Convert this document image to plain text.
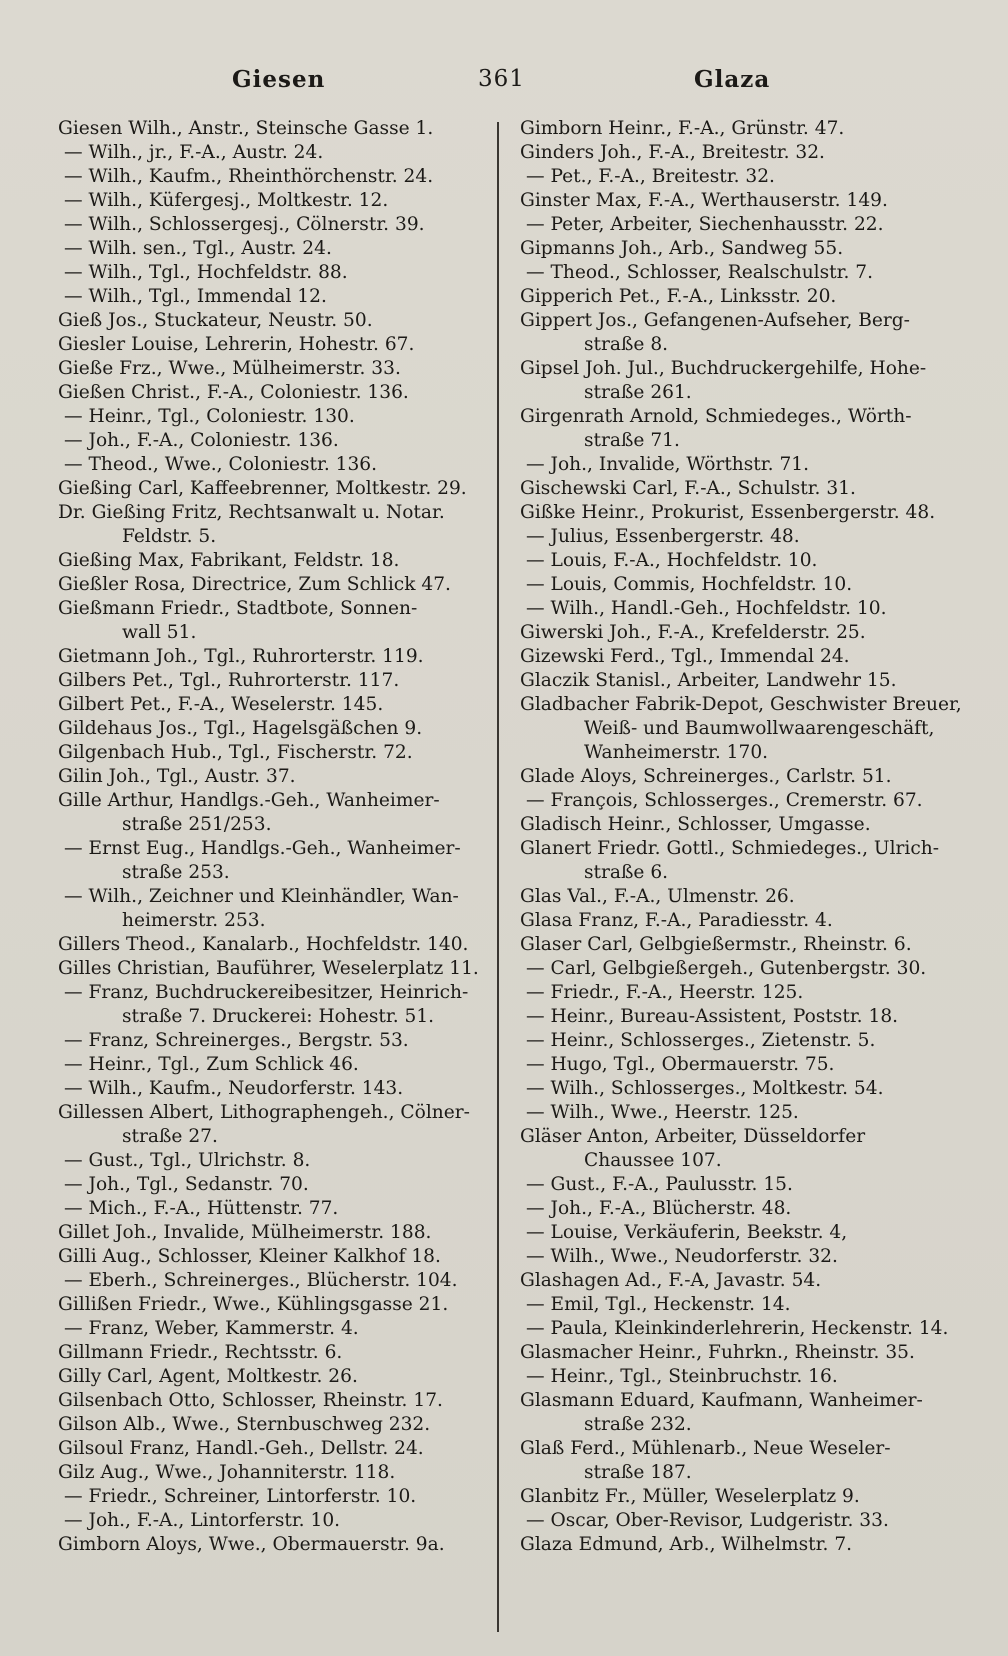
Giesen	361	Glaza
Giesen Wilh., Anstr., Steinsche Gasse 1.
— Wilh., jr., F.-A., Austr. 24.
— Wilh., Kaufm., Rheinthörchenstr. 24.
— Wilh., Küfergesj., Moltkestr. 12.
— Wilh., Schlossergesj., Cölnerstr. 39.
— Wilh. sen., Tgl., Austr. 24.
— Wilh., Tgl., Hochfeldstr. 88.
— Wilh., Tgl., Immendal 12.
Gieß Jos., Stuckateur, Neustr. 50.
Giesler Louise, Lehrerin, Hohestr. 67.
Gieße Frz., Wwe., Mülheimerstr. 33.
Gießen Christ., F.-A., Coloniestr. 136.
— Heinr., Tgl., Coloniestr. 130.
— Joh., F.-A., Coloniestr. 136.
— Theod., Wwe., Coloniestr. 136.
Gießing Carl, Kaffeebrenner, Moltkestr. 29.
Dr. Gießing Fritz, Rechtsanwalt u. Notar.
Feldstr. 5.
Gießing Max, Fabrikant, Feldstr. 18.
Gießler Rosa, Directrice, Zum Schlick 47.
Gießmann Friedr., Stadtbote, Sonnen-
wall 51.
Gietmann Joh., Tgl., Ruhrorterstr. 119.
Gilbers Pet., Tgl., Ruhrorterstr. 117.
Gilbert Pet., F.-A., Weselerstr. 145.
Gildehaus Jos., Tgl., Hagelsgäßchen 9.
Gilgenbach Hub., Tgl., Fischerstr. 72.
Gilin Joh., Tgl., Austr. 37.
Gille Arthur, Handlgs.-Geh., Wanheimer-
straße 251/253.
— Ernst Eug., Handlgs.-Geh., Wanheimer-
straße 253.
— Wilh., Zeichner und Kleinhändler, Wan-
heimerstr. 253.
Gillers Theod., Kanalarb., Hochfeldstr. 140.
Gilles Christian, Bauführer, Weselerplatz 11.
— Franz, Buchdruckereibesitzer, Heinrich-
straße 7. Druckerei: Hohestr. 51.
— Franz, Schreinerges., Bergstr. 53.
— Heinr., Tgl., Zum Schlick 46.
— Wilh., Kaufm., Neudorferstr. 143.
Gillessen Albert, Lithographengeh., Cölner-
straße 27.
— Gust., Tgl., Ulrichstr. 8.
— Joh., Tgl., Sedanstr. 70.
— Mich., F.-A., Hüttenstr. 77.
Gillet Joh., Invalide, Mülheimerstr. 188.
Gilli Aug., Schlosser, Kleiner Kalkhof 18.
— Eberh., Schreinerges., Blücherstr. 104.
Gillißen Friedr., Wwe., Kühlingsgasse 21.
— Franz, Weber, Kammerstr. 4.
Gillmann Friedr., Rechtsstr. 6.
Gilly Carl, Agent, Moltkestr. 26.
Gilsenbach Otto, Schlosser, Rheinstr. 17.
Gilson Alb., Wwe., Sternbuschweg 232.
Gilsoul Franz, Handl.-Geh., Dellstr. 24.
Gilz Aug., Wwe., Johanniterstr. 118.
— Friedr., Schreiner, Lintorferstr. 10.
— Joh., F.-A., Lintorferstr. 10.
Gimborn Aloys, Wwe., Obermauerstr. 9a.
Gimborn Heinr., F.-A., Grünstr. 47.
Ginders Joh., F.-A., Breitestr. 32.
— Pet., F.-A., Breitestr. 32.
Ginster Max, F.-A., Werthauserstr. 149.
— Peter, Arbeiter, Siechenhausstr. 22.
Gipmanns Joh., Arb., Sandweg 55.
— Theod., Schlosser, Realschulstr. 7.
Gipperich Pet., F.-A., Linksstr. 20.
Gippert Jos., Gefangenen-Aufseher, Berg-
straße 8.
Gipsel Joh. Jul., Buchdruckergehilfe, Hohe-
straße 261.
Girgenrath Arnold, Schmiedeges., Wörth-
straße 71.
— Joh., Invalide, Wörthstr. 71.
Gischewski Carl, F.-A., Schulstr. 31.
Gißke Heinr., Prokurist, Essenbergerstr. 48.
— Julius, Essenbergerstr. 48.
— Louis, F.-A., Hochfeldstr. 10.
— Louis, Commis, Hochfeldstr. 10.
— Wilh., Handl.-Geh., Hochfeldstr. 10.
Giwerski Joh., F.-A., Krefelderstr. 25.
Gizewski Ferd., Tgl., Immendal 24.
Glaczik Stanisl., Arbeiter, Landwehr 15.
Gladbacher Fabrik-Depot, Geschwister Breuer,
Weiß- und Baumwollwaarengeschäft,
Wanheimerstr. 170.
Glade Aloys, Schreinerges., Carlstr. 51.
— François, Schlosserges., Cremerstr. 67.
Gladisch Heinr., Schlosser, Umgasse.
Glanert Friedr. Gottl., Schmiedeges., Ulrich-
straße 6.
Glas Val., F.-A., Ulmenstr. 26.
Glasa Franz, F.-A., Paradiesstr. 4.
Glaser Carl, Gelbgießermstr., Rheinstr. 6.
— Carl, Gelbgießergeh., Gutenbergstr. 30.
— Friedr., F.-A., Heerstr. 125.
— Heinr., Bureau-Assistent, Poststr. 18.
— Heinr., Schlosserges., Zietenstr. 5.
— Hugo, Tgl., Obermauerstr. 75.
— Wilh., Schlosserges., Moltkestr. 54.
— Wilh., Wwe., Heerstr. 125.
Gläser Anton, Arbeiter, Düsseldorfer
Chaussee 107.
— Gust., F.-A., Paulusstr. 15.
— Joh., F.-A., Blücherstr. 48.
— Louise, Verkäuferin, Beekstr. 4,
— Wilh., Wwe., Neudorferstr. 32.
Glashagen Ad., F.-A, Javastr. 54.
— Emil, Tgl., Heckenstr. 14.
— Paula, Kleinkinderlehrerin, Heckenstr. 14.
Glasmacher Heinr., Fuhrkn., Rheinstr. 35.
— Heinr., Tgl., Steinbruchstr. 16.
Glasmann Eduard, Kaufmann, Wanheimer-
straße 232.
Glaß Ferd., Mühlenarb., Neue Weseler-
straße 187.
Glanbitz Fr., Müller, Weselerplatz 9.
— Oscar, Ober-Revisor, Ludgeristr. 33.
Glaza Edmund, Arb., Wilhelmstr. 7.
